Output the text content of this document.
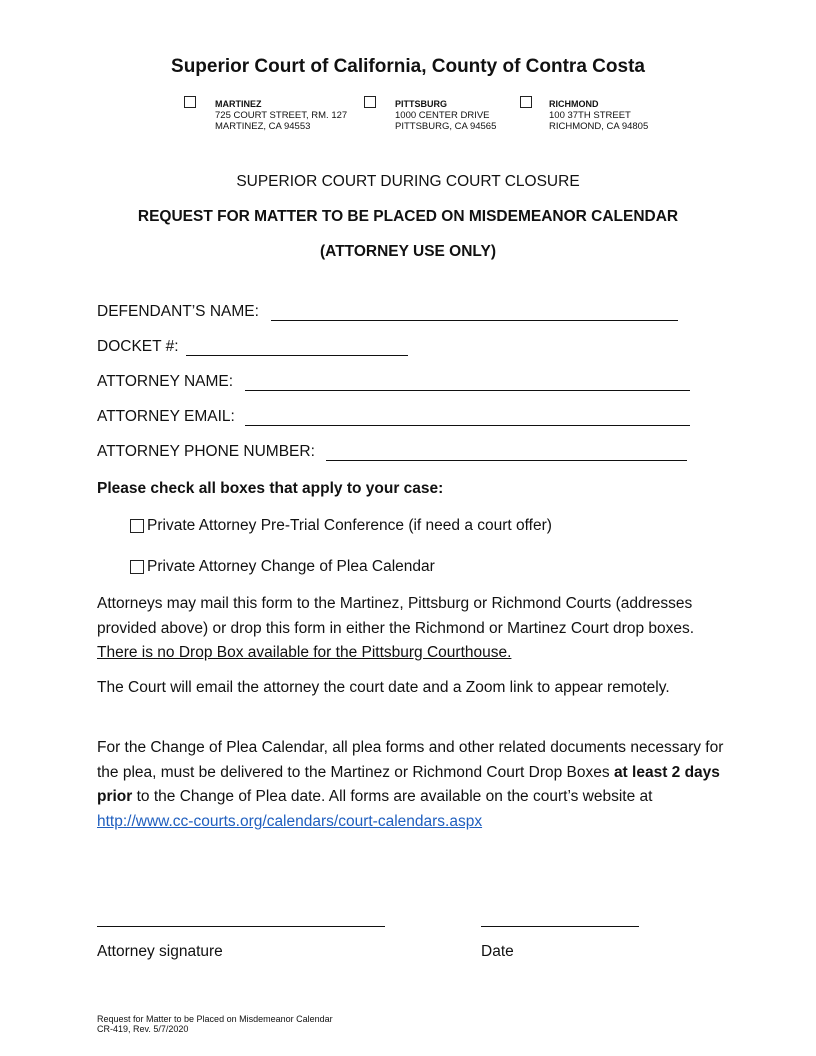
Superior Court of California, County of Contra Costa
MARTINEZ
725 COURT STREET, RM. 127
MARTINEZ, CA 94553
PITTSBURG
1000 CENTER DRIVE
PITTSBURG, CA 94565
RICHMOND
100 37TH STREET
RICHMOND, CA 94805
SUPERIOR COURT DURING COURT CLOSURE
REQUEST FOR MATTER TO BE PLACED ON MISDEMEANOR CALENDAR
(ATTORNEY USE ONLY)
DEFENDANT’S NAME:
DOCKET #:
ATTORNEY NAME:
ATTORNEY EMAIL:
ATTORNEY PHONE NUMBER:
Please check all boxes that apply to your case:
Private Attorney Pre-Trial Conference (if need a court offer)
Private Attorney Change of Plea Calendar
Attorneys may mail this form to the Martinez, Pittsburg or Richmond Courts (addresses provided above) or drop this form in either the Richmond or Martinez Court drop boxes.  There is no Drop Box available for the Pittsburg Courthouse.
The Court will email the attorney the court date and a Zoom link to appear remotely.
For the Change of Plea Calendar, all plea forms and other related documents necessary for the plea, must be delivered to the Martinez or Richmond Court Drop Boxes at least 2 days prior to the Change of Plea date. All forms are available on the court’s website at http://www.cc-courts.org/calendars/court-calendars.aspx
Attorney signature	Date
Request for Matter to be Placed on Misdemeanor Calendar
CR-419, Rev. 5/7/2020
